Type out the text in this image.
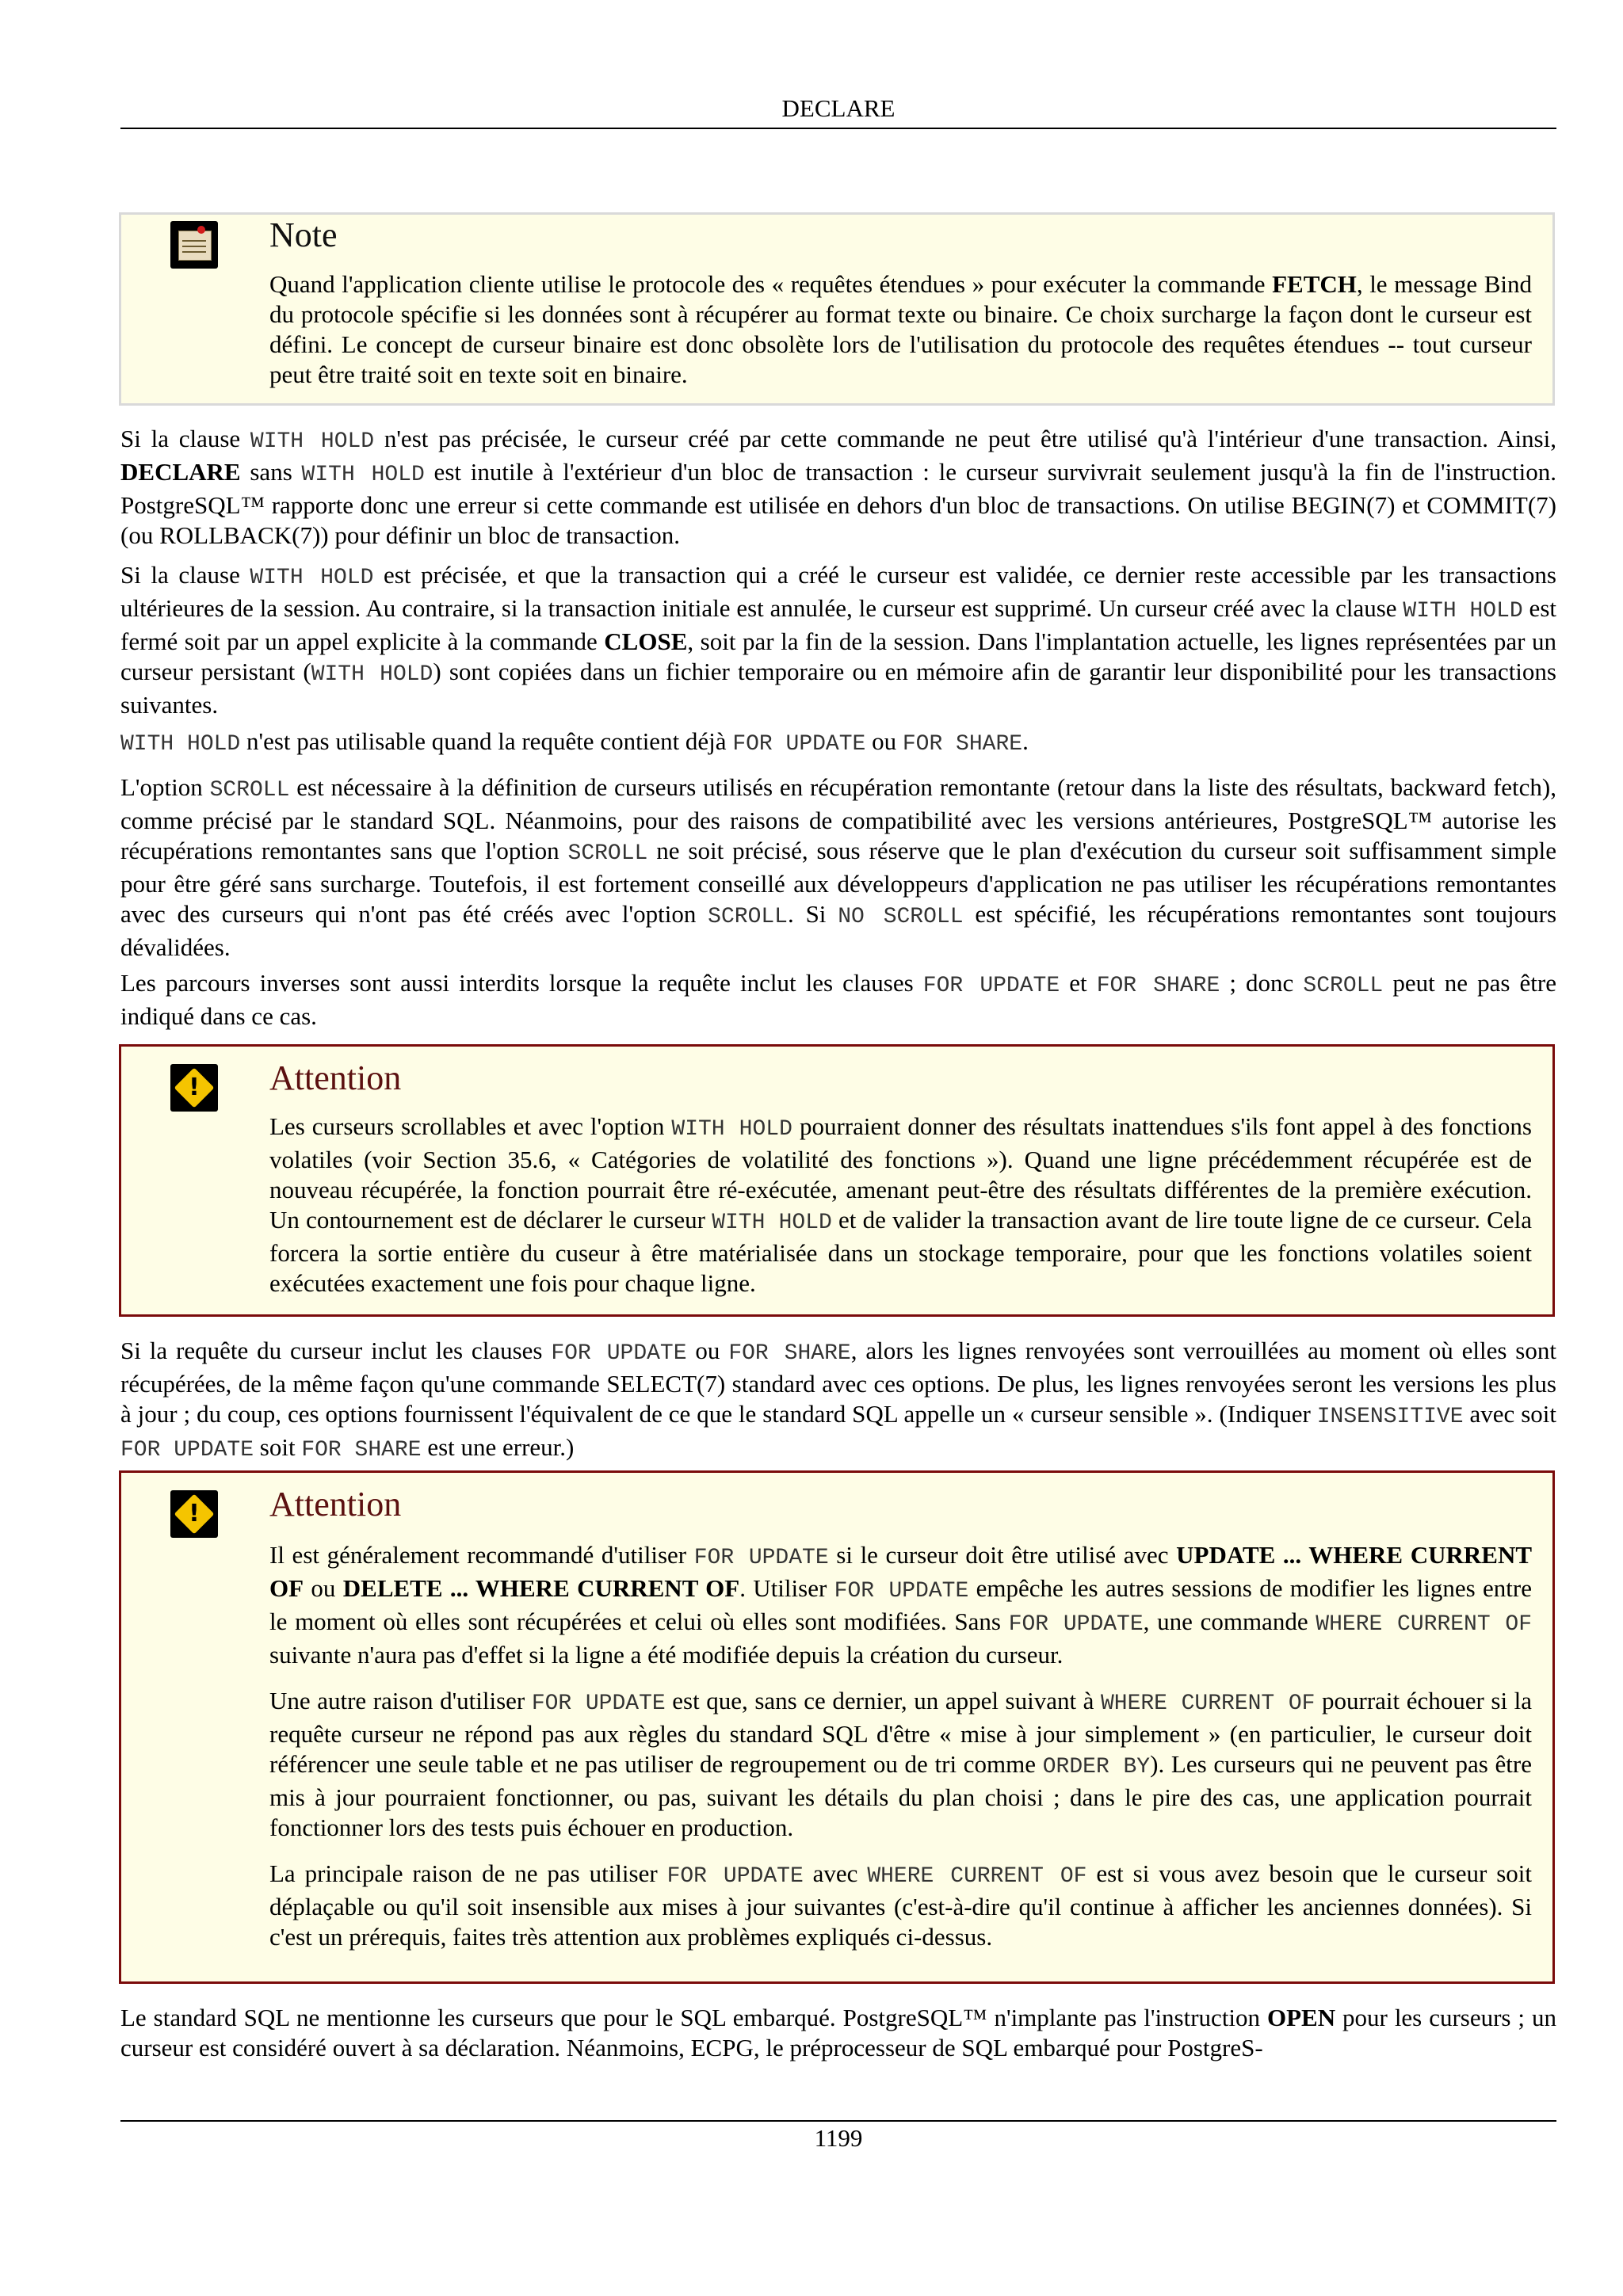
DECLARE
Note
Quand l'application cliente utilise le protocole des « requêtes étendues » pour exécuter la commande FETCH, le message Bind du protocole spécifie si les données sont à récupérer au format texte ou binaire. Ce choix surcharge la façon dont le curseur est défini. Le concept de curseur binaire est donc obsolète lors de l'utilisation du protocole des requêtes étendues -- tout curseur peut être traité soit en texte soit en binaire.

Si la clause WITH HOLD n'est pas précisée, le curseur créé par cette commande ne peut être utilisé qu'à l'intérieur d'une transaction. Ainsi, DECLARE sans WITH HOLD est inutile à l'extérieur d'un bloc de transaction : le curseur survivrait seulement jusqu'à la fin de l'instruction. PostgreSQL™ rapporte donc une erreur si cette commande est utilisée en dehors d'un bloc de transactions. On utilise BEGIN(7) et COMMIT(7) (ou ROLLBACK(7)) pour définir un bloc de transaction.

Si la clause WITH HOLD est précisée, et que la transaction qui a créé le curseur est validée, ce dernier reste accessible par les transactions ultérieures de la session. Au contraire, si la transaction initiale est annulée, le curseur est supprimé. Un curseur créé avec la clause WITH HOLD est fermé soit par un appel explicite à la commande CLOSE, soit par la fin de la session. Dans l'implantation actuelle, les lignes représentées par un curseur persistant (WITH HOLD) sont copiées dans un fichier temporaire ou en mémoire afin de garantir leur disponibilité pour les transactions suivantes.

WITH HOLD n'est pas utilisable quand la requête contient déjà FOR UPDATE ou FOR SHARE.

L'option SCROLL est nécessaire à la définition de curseurs utilisés en récupération remontante (retour dans la liste des résultats, backward fetch), comme précisé par le standard SQL. Néanmoins, pour des raisons de compatibilité avec les versions antérieures, PostgreSQL™ autorise les récupérations remontantes sans que l'option SCROLL ne soit précisé, sous réserve que le plan d'exécution du curseur soit suffisamment simple pour être géré sans surcharge. Toutefois, il est fortement conseillé aux développeurs d'application ne pas utiliser les récupérations remontantes avec des curseurs qui n'ont pas été créés avec l'option SCROLL. Si NO SCROLL est spécifié, les récupérations remontantes sont toujours dévalidées.

Les parcours inverses sont aussi interdits lorsque la requête inclut les clauses FOR UPDATE et FOR SHARE ; donc SCROLL peut ne pas être indiqué dans ce cas.

!	Attention

Les curseurs scrollables et avec l'option WITH HOLD pourraient donner des résultats inattendues s'ils font appel à des fonctions volatiles (voir Section 35.6, « Catégories de volatilité des fonctions »). Quand une ligne précédemment récupérée est de nouveau récupérée, la fonction pourrait être ré-exécutée, amenant peut-être des résultats différentes de la première exécution. Un contournement est de déclarer le curseur WITH HOLD et de valider la transaction avant de lire toute ligne de ce curseur. Cela forcera la sortie entière du cuseur à être matérialisée dans un stockage temporaire, pour que les fonctions volatiles soient exécutées exactement une fois pour chaque ligne.

Si la requête du curseur inclut les clauses FOR UPDATE ou FOR SHARE, alors les lignes renvoyées sont verrouillées au moment où elles sont récupérées, de la même façon qu'une commande SELECT(7) standard avec ces options. De plus, les lignes renvoyées seront les versions les plus à jour ; du coup, ces options fournissent l'équivalent de ce que le standard SQL appelle un « curseur sensible ». (Indiquer INSENSITIVE avec soit FOR UPDATE soit FOR SHARE est une erreur.)

!	Attention

Il est généralement recommandé d'utiliser FOR UPDATE si le curseur doit être utilisé avec UPDATE ... WHERE CURRENT OF ou DELETE ... WHERE CURRENT OF. Utiliser FOR UPDATE empêche les autres sessions de modifier les lignes entre le moment où elles sont récupérées et celui où elles sont modifiées. Sans FOR UPDATE, une commande WHERE CURRENT OF suivante n'aura pas d'effet si la ligne a été modifiée depuis la création du curseur.

Une autre raison d'utiliser FOR UPDATE est que, sans ce dernier, un appel suivant à WHERE CURRENT OF pourrait échouer si la requête curseur ne répond pas aux règles du standard SQL d'être « mise à jour simplement » (en particulier, le curseur doit référencer une seule table et ne pas utiliser de regroupement ou de tri comme ORDER BY). Les curseurs qui ne peuvent pas être mis à jour pourraient fonctionner, ou pas, suivant les détails du plan choisi ; dans le pire des cas, une application pourrait fonctionner lors des tests puis échouer en production.

La principale raison de ne pas utiliser FOR UPDATE avec WHERE CURRENT OF est si vous avez besoin que le curseur soit déplaçable ou qu'il soit insensible aux mises à jour suivantes (c'est-à-dire qu'il continue à afficher les anciennes données). Si c'est un prérequis, faites très attention aux problèmes expliqués ci-dessus.

Le standard SQL ne mentionne les curseurs que pour le SQL embarqué. PostgreSQL™ n'implante pas l'instruction OPEN pour les curseurs ; un curseur est considéré ouvert à sa déclaration. Néanmoins, ECPG, le préprocesseur de SQL embarqué pour PostgreS-

1199
